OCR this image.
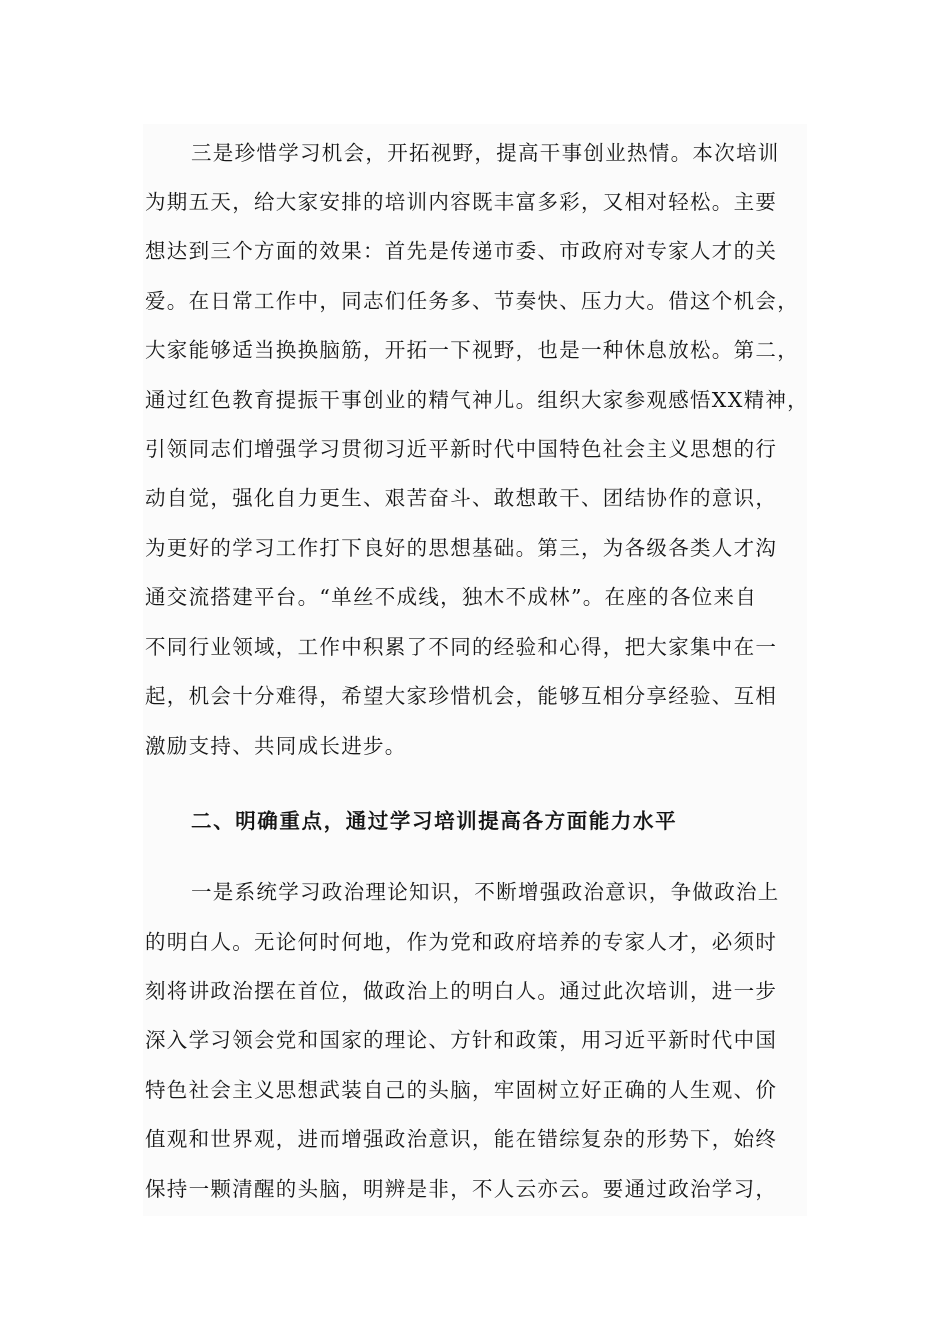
三是珍惜学习机会，开拓视野，提高干事创业热情。本次培训
为期五天，给大家安排的培训内容既丰富多彩，又相对轻松。主要
想达到三个方面的效果：首先是传递市委、市政府对专家人才的关
爱。在日常工作中，同志们任务多、节奏快、压力大。借这个机会，
大家能够适当换换脑筋，开拓一下视野，也是一种休息放松。第二，
通过红色教育提振干事创业的精气神儿。组织大家参观感悟XX精神，
引领同志们增强学习贯彻习近平新时代中国特色社会主义思想的行
动自觉，强化自力更生、艰苦奋斗、敢想敢干、团结协作的意识，
为更好的学习工作打下良好的思想基础。第三，为各级各类人才沟
通交流搭建平台。“单丝不成线，独木不成林”。在座的各位来自
不同行业领域，工作中积累了不同的经验和心得，把大家集中在一
起，机会十分难得，希望大家珍惜机会，能够互相分享经验、互相
激励支持、共同成长进步。
二、明确重点，通过学习培训提高各方面能力水平
一是系统学习政治理论知识，不断增强政治意识，争做政治上
的明白人。无论何时何地，作为党和政府培养的专家人才，必须时
刻将讲政治摆在首位，做政治上的明白人。通过此次培训，进一步
深入学习领会党和国家的理论、方针和政策，用习近平新时代中国
特色社会主义思想武装自己的头脑，牢固树立好正确的人生观、价
值观和世界观，进而增强政治意识，能在错综复杂的形势下，始终
保持一颗清醒的头脑，明辨是非，不人云亦云。要通过政治学习，
